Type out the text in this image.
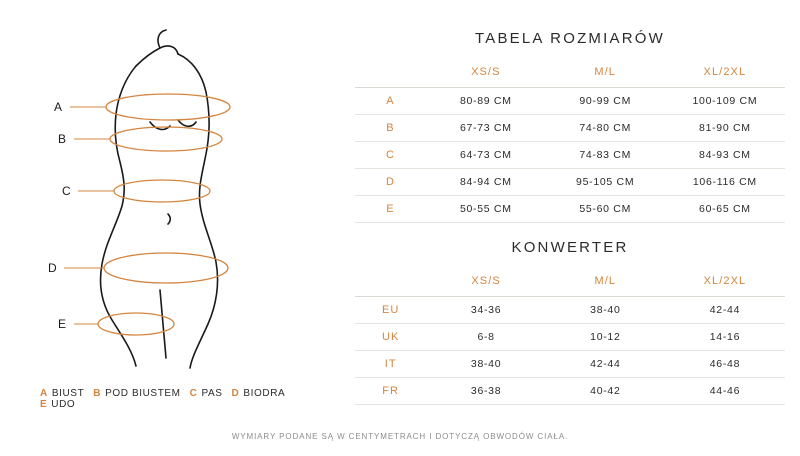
A
B
C
D
E
A BIUST B POD BIUSTEM C PAS D BIODRA
E UDO
TABELA ROZMIARÓW
	XS/S	M/L	XL/2XL
A	80-89 CM	90-99 CM	100-109 CM
B	67-73 CM	74-80 CM	81-90 CM
C	64-73 CM	74-83 CM	84-93 CM
D	84-94 CM	95-105 CM	106-116 CM
E	50-55 CM	55-60 CM	60-65 CM
KONWERTER
	XS/S	M/L	XL/2XL
EU	34-36	38-40	42-44
UK	6-8	10-12	14-16
IT	38-40	42-44	46-48
FR	36-38	40-42	44-46
WYMIARY PODANE SĄ W CENTYMETRACH I DOTYCZĄ OBWODÓW CIAŁA.
